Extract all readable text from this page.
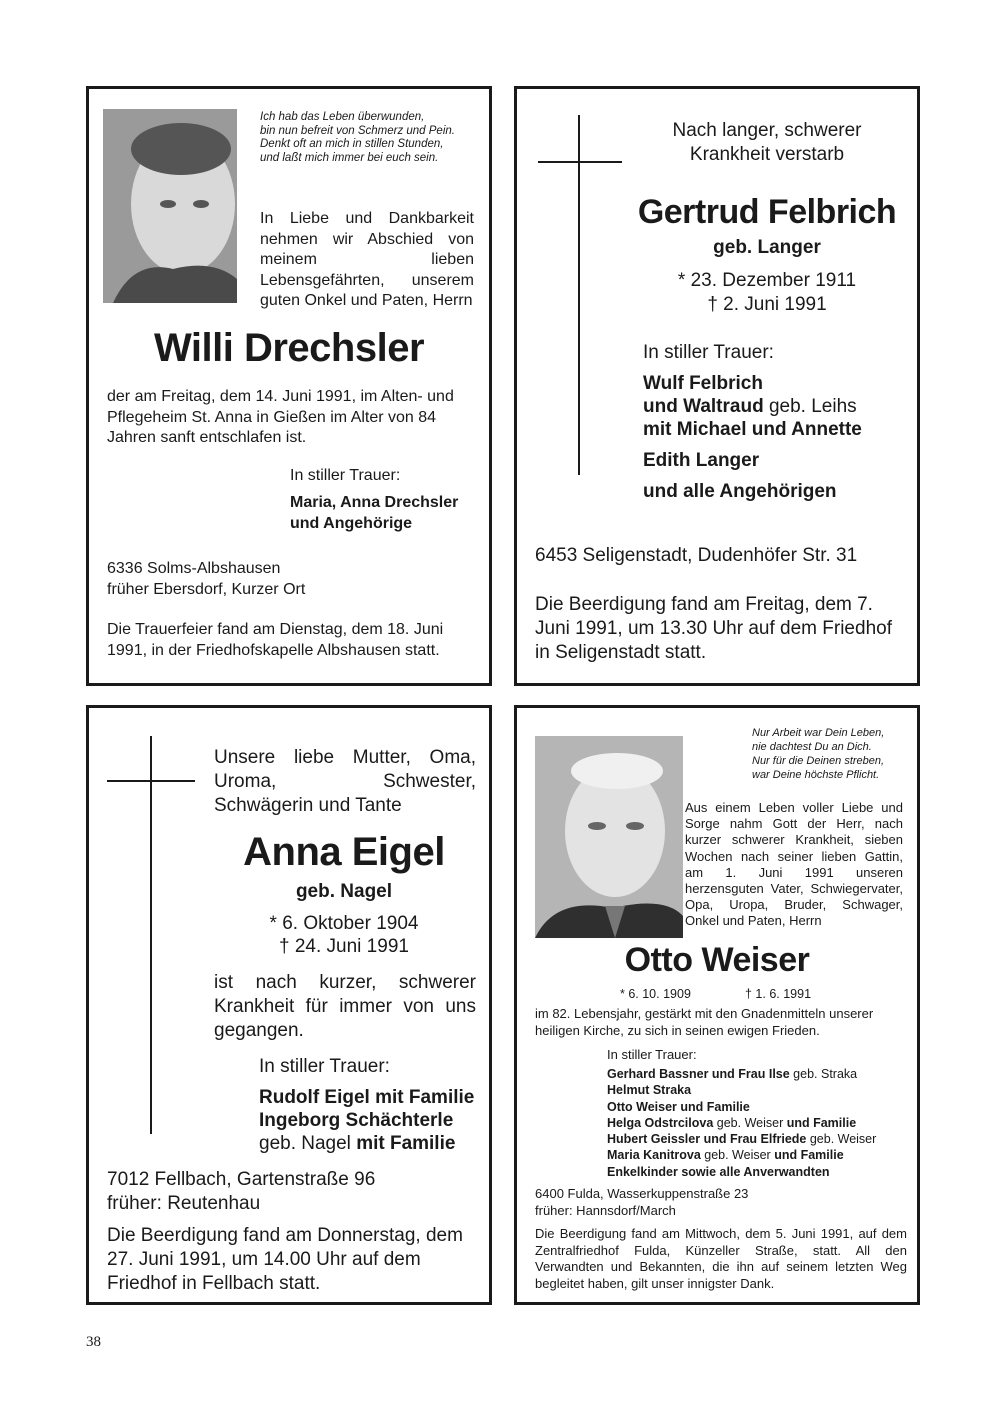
Ich hab das Leben überwunden,
bin nun befreit von Schmerz und Pein.
Denkt oft an mich in stillen Stunden,
und laßt mich immer bei euch sein.

In Liebe und Dankbarkeit nehmen wir Abschied von meinem lieben Lebensgefährten, unserem guten Onkel und Paten, Herrn

Willi Drechsler

der am Freitag, dem 14. Juni 1991, im Alten- und Pflegeheim St. Anna in Gießen im Alter von 84 Jahren sanft entschlafen ist.

In stiller Trauer:
Maria, Anna Drechsler
und Angehörige
6336 Solms-Albshausen
früher Ebersdorf, Kurzer Ort

Die Trauerfeier fand am Dienstag, dem 18. Juni 1991, in der Friedhofskapelle Albshausen statt.

Nach langer, schwerer
Krankheit verstarb
Gertrud Felbrich
geb. Langer
* 23. Dezember 1911
† 2. Juni 1991
In stiller Trauer:
Wulf Felbrich
und Waltraud geb. Leihs
mit Michael und Annette
Edith Langer
und alle Angehörigen
6453 Seligenstadt, Dudenhöfer Str. 31

Die Beerdigung fand am Freitag, dem 7. Juni 1991, um 13.30 Uhr auf dem Friedhof in Seligenstadt statt.

Unsere liebe Mutter, Oma, Uroma, Schwester, Schwägerin und Tante

Anna Eigel
geb. Nagel
* 6. Oktober 1904
† 24. Juni 1991

ist nach kurzer, schwerer Krankheit für immer von uns gegangen.

In stiller Trauer:
Rudolf Eigel mit Familie
Ingeborg Schächterle
geb. Nagel mit Familie
7012 Fellbach, Gartenstraße 96
früher: Reutenhau

Die Beerdigung fand am Donnerstag, dem 27. Juni 1991, um 14.00 Uhr auf dem Friedhof in Fellbach statt.

Nur Arbeit war Dein Leben,
nie dachtest Du an Dich.
Nur für die Deinen streben,
war Deine höchste Pflicht.

Aus einem Leben voller Liebe und Sorge nahm Gott der Herr, nach kurzer schwerer Krankheit, sieben Wochen nach seiner lieben Gattin, am 1. Juni 1991 unseren herzensguten Vater, Schwiegervater, Opa, Uropa, Bruder, Schwager, Onkel und Paten, Herrn

Otto Weiser
* 6. 10. 1909	† 1. 6. 1991

im 82. Lebensjahr, gestärkt mit den Gnadenmitteln unserer heiligen Kirche, zu sich in seinen ewigen Frieden.

In stiller Trauer:
Gerhard Bassner und Frau Ilse geb. Straka
Helmut Straka
Otto Weiser und Familie
Helga Odstrcilova geb. Weiser und Familie
Hubert Geissler und Frau Elfriede geb. Weiser
Maria Kanitrova geb. Weiser und Familie
Enkelkinder sowie alle Anverwandten
6400 Fulda, Wasserkuppenstraße 23
früher: Hannsdorf/March

Die Beerdigung fand am Mittwoch, dem 5. Juni 1991, auf dem Zentralfriedhof Fulda, Künzeller Straße, statt. All den Verwandten und Bekannten, die ihn auf seinem letzten Weg begleitet haben, gilt unser innigster Dank.

38
